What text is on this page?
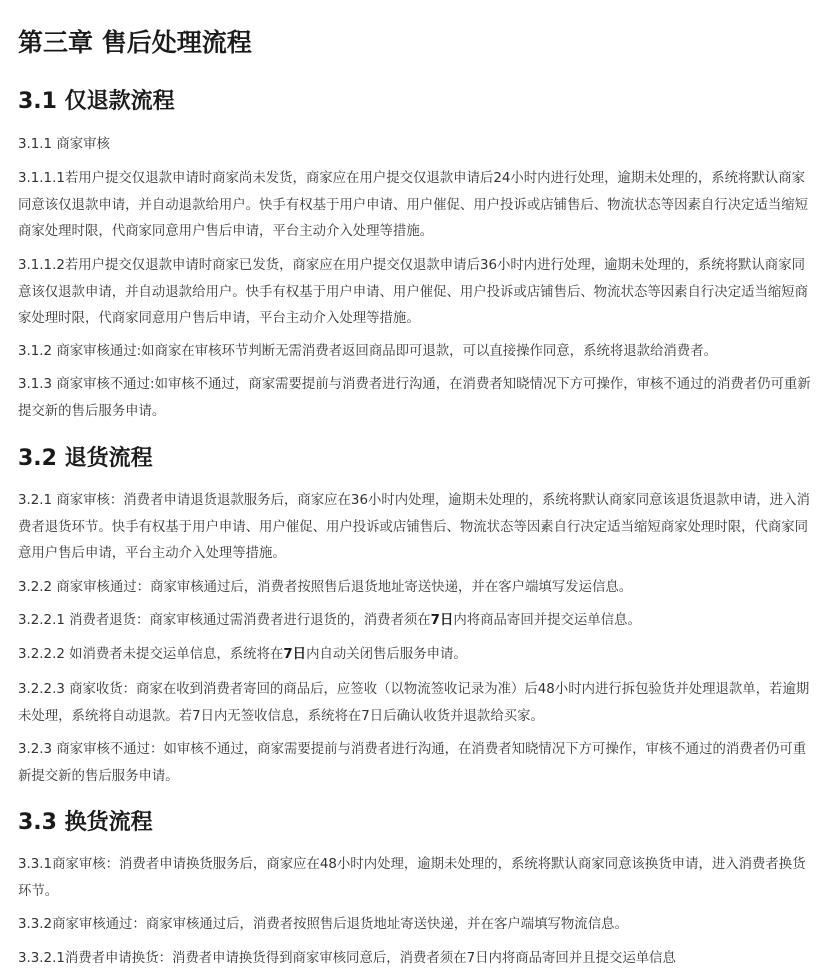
第三章 售后处理流程
3.1 仅退款流程

3.1.1 商家审核

3.1.1.1若用户提交仅退款申请时商家尚未发货，商家应在用户提交仅退款申请后24小时内进行处理，逾期未处理的，系统将默认商家同意该仅退款申请，并自动退款给用户。快手有权基于用户申请、用户催促、用户投诉或店铺售后、物流状态等因素自行决定适当缩短商家处理时限，代商家同意用户售后申请，平台主动介入处理等措施。

3.1.1.2若用户提交仅退款申请时商家已发货，商家应在用户提交仅退款申请后36小时内进行处理，逾期未处理的，系统将默认商家同意该仅退款申请，并自动退款给用户。快手有权基于用户申请、用户催促、用户投诉或店铺售后、物流状态等因素自行决定适当缩短商家处理时限，代商家同意用户售后申请，平台主动介入处理等措施。

3.1.2 商家审核通过:如商家在审核环节判断无需消费者返回商品即可退款，可以直接操作同意，系统将退款给消费者。

3.1.3 商家审核不通过:如审核不通过，商家需要提前与消费者进行沟通，在消费者知晓情况下方可操作，审核不通过的消费者仍可重新提交新的售后服务申请。

3.2 退货流程

3.2.1 商家审核：消费者申请退货退款服务后，商家应在36小时内处理，逾期未处理的，系统将默认商家同意该退货退款申请，进入消费者退货环节。快手有权基于用户申请、用户催促、用户投诉或店铺售后、物流状态等因素自行决定适当缩短商家处理时限，代商家同意用户售后申请，平台主动介入处理等措施。

3.2.2 商家审核通过：商家审核通过后，消费者按照售后退货地址寄送快递，并在客户端填写发运信息。

3.2.2.1 消费者退货：商家审核通过需消费者进行退货的，消费者须在7日内将商品寄回并提交运单信息。

3.2.2.2 如消费者未提交运单信息，系统将在7日内自动关闭售后服务申请。

3.2.2.3 商家收货：商家在收到消费者寄回的商品后，应签收（以物流签收记录为准）后48小时内进行拆包验货并处理退款单，若逾期未处理，系统将自动退款。若7日内无签收信息，系统将在7日后确认收货并退款给买家。

3.2.3 商家审核不通过：如审核不通过，商家需要提前与消费者进行沟通，在消费者知晓情况下方可操作，审核不通过的消费者仍可重新提交新的售后服务申请。

3.3 换货流程

3.3.1商家审核：消费者申请换货服务后，商家应在48小时内处理，逾期未处理的，系统将默认商家同意该换货申请，进入消费者换货环节。

3.3.2商家审核通过：商家审核通过后，消费者按照售后退货地址寄送快递，并在客户端填写物流信息。

3.3.2.1消费者申请换货：消费者申请换货得到商家审核同意后，消费者须在7日内将商品寄回并且提交运单信息
